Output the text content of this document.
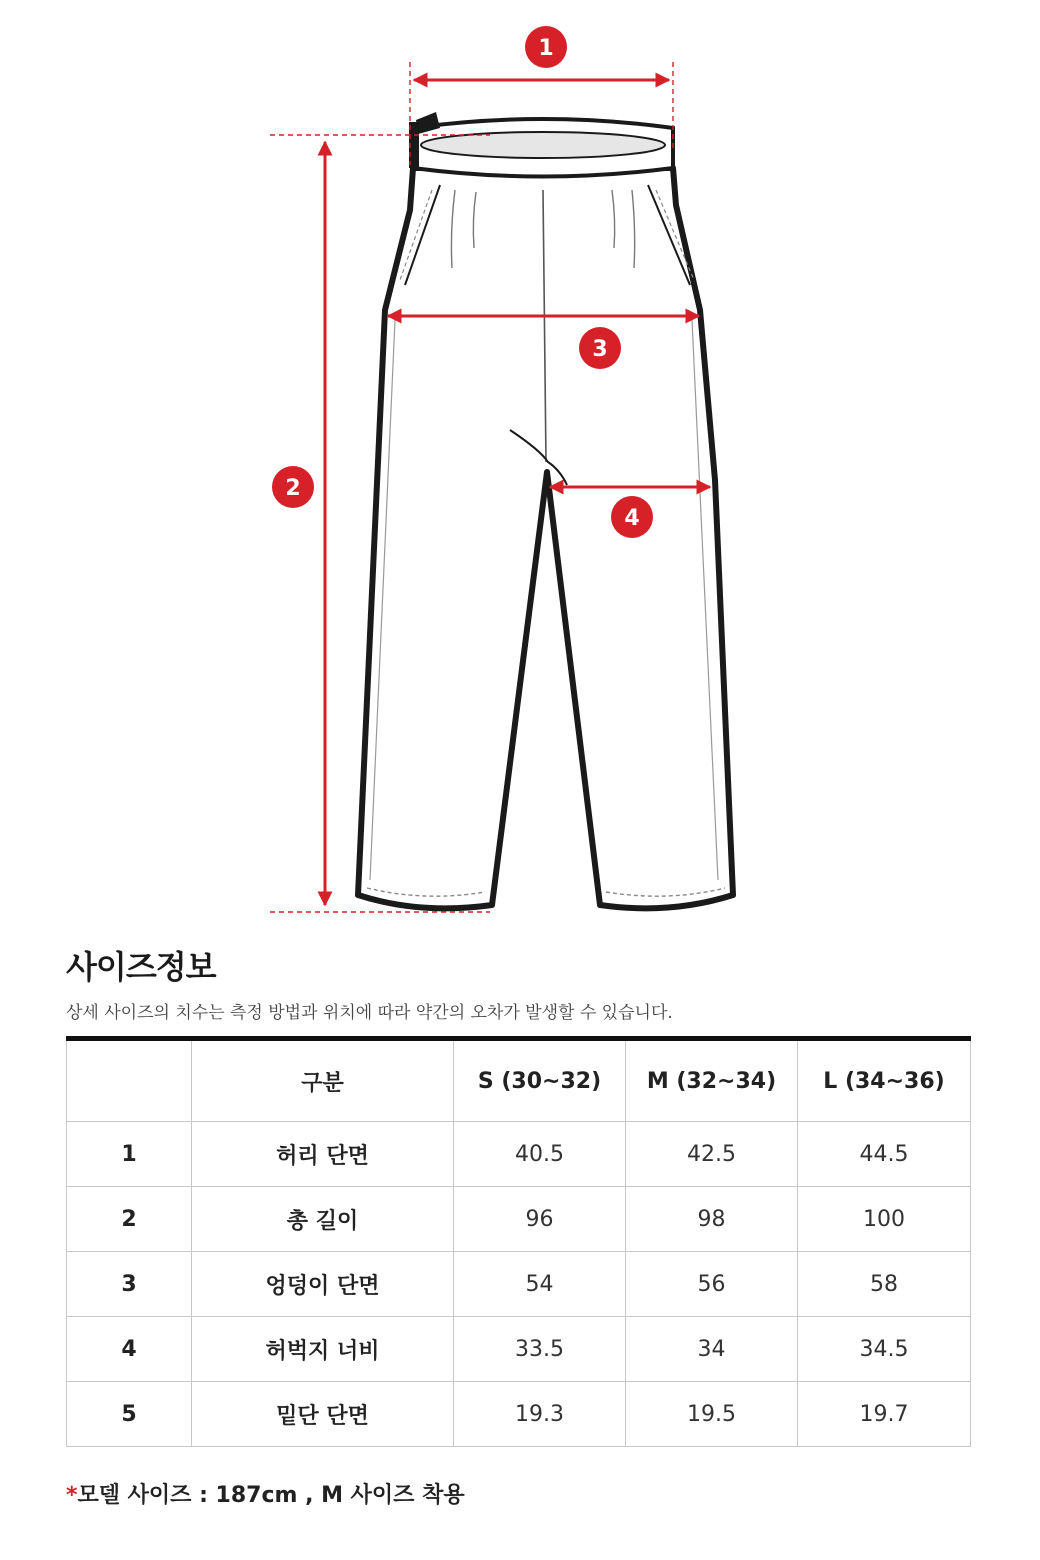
1
2
3
4
사이즈정보

상세 사이즈의 치수는 측정 방법과 위치에 따라 약간의 오차가 발생할 수 있습니다.

	구분	S (30~32)	M (32~34)	L (34~36)
1	허리 단면	40.5	42.5	44.5
2	총 길이	96	98	100
3	엉덩이 단면	54	56	58
4	허벅지 너비	33.5	34	34.5
5	밑단 단면	19.3	19.5	19.7

*모델 사이즈 : 187cm , M 사이즈 착용
